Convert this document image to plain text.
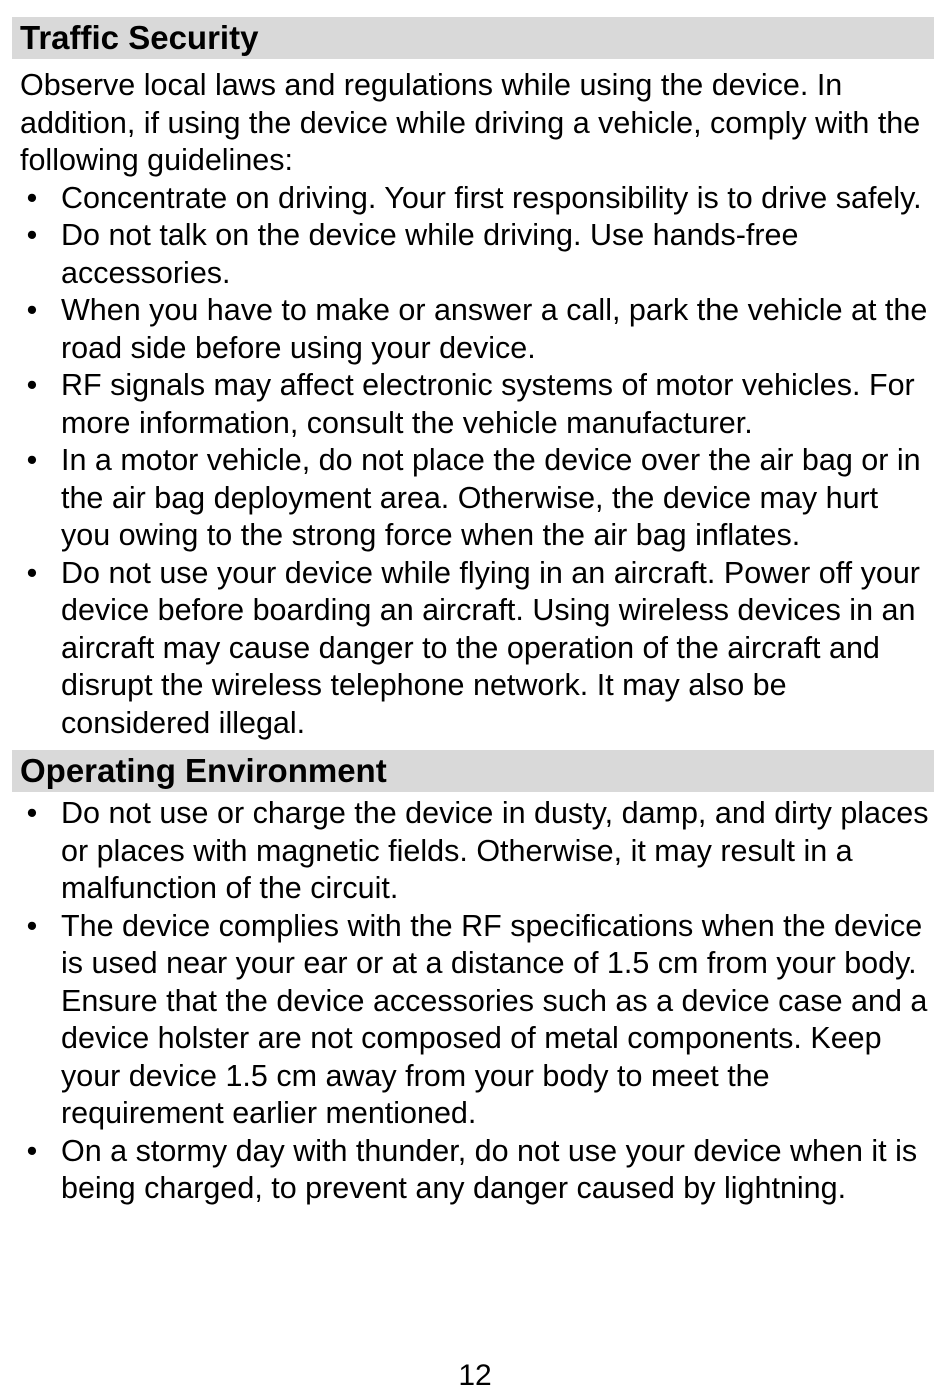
Traffic Security

Observe local laws and regulations while using the device. In addition, if using the device while driving a vehicle, comply with the following guidelines:

• Concentrate on driving. Your first responsibility is to drive safely.
• Do not talk on the device while driving. Use hands-free accessories.
• When you have to make or answer a call, park the vehicle at the road side before using your device.
• RF signals may affect electronic systems of motor vehicles. For more information, consult the vehicle manufacturer.
• In a motor vehicle, do not place the device over the air bag or in the air bag deployment area. Otherwise, the device may hurt you owing to the strong force when the air bag inflates.
• Do not use your device while flying in an aircraft. Power off your device before boarding an aircraft. Using wireless devices in an aircraft may cause danger to the operation of the aircraft and disrupt the wireless telephone network. It may also be considered illegal.
Operating Environment
• Do not use or charge the device in dusty, damp, and dirty places or places with magnetic fields. Otherwise, it may result in a malfunction of the circuit.
• The device complies with the RF specifications when the device is used near your ear or at a distance of 1.5 cm from your body. Ensure that the device accessories such as a device case and a device holster are not composed of metal components. Keep your device 1.5 cm away from your body to meet the requirement earlier mentioned.
• On a stormy day with thunder, do not use your device when it is being charged, to prevent any danger caused by lightning.
12
